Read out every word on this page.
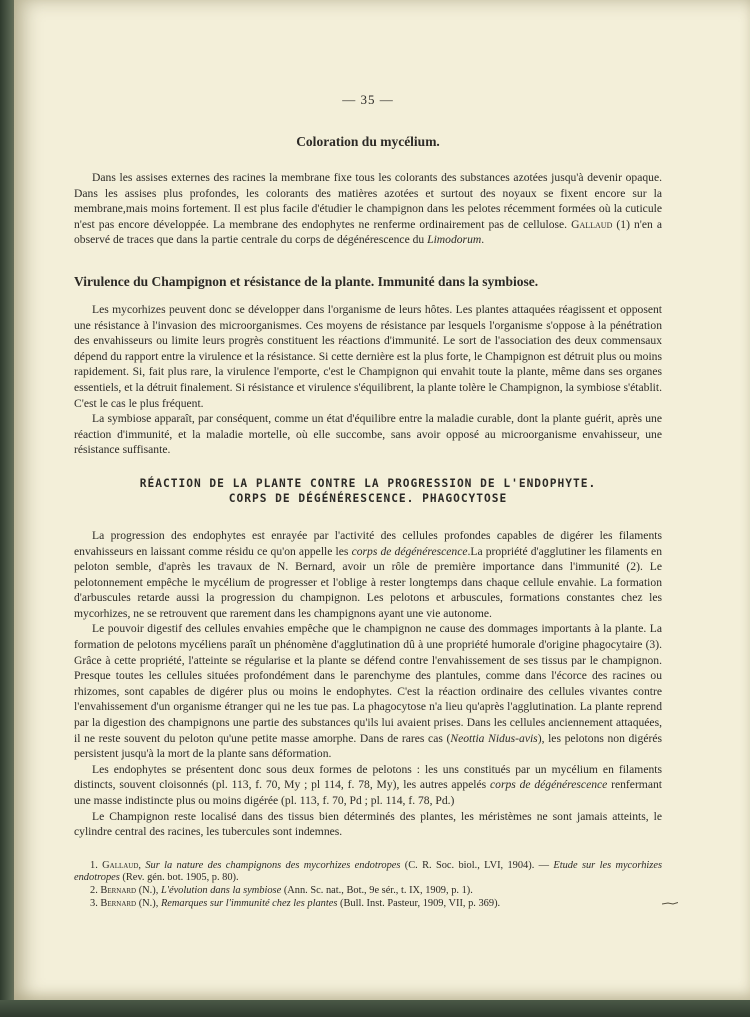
— 35 —
Coloration du mycélium.

Dans les assises externes des racines la membrane fixe tous les colorants des substances azotées jusqu'à devenir opaque. Dans les assises plus profondes, les colorants des matières azotées et surtout des noyaux se fixent encore sur la membrane,mais moins fortement. Il est plus facile d'étudier le champignon dans les pelotes récemment formées où la cuticule n'est pas encore développée. La membrane des endophytes ne renferme ordinairement pas de cellulose. Gallaud (1) n'en a observé de traces que dans la partie centrale du corps de dégénérescence du Limodorum.

Virulence du Champignon et résistance de la plante. Immunité dans la symbiose.

Les mycorhizes peuvent donc se développer dans l'organisme de leurs hôtes. Les plantes attaquées réagissent et opposent une résistance à l'invasion des microorganismes. Ces moyens de résistance par lesquels l'organisme s'oppose à la pénétration des envahisseurs ou limite leurs progrès constituent les réactions d'immunité. Le sort de l'association des deux commensaux dépend du rapport entre la virulence et la résistance. Si cette dernière est la plus forte, le Champignon est détruit plus ou moins rapidement. Si, fait plus rare, la virulence l'emporte, c'est le Champignon qui envahit toute la plante, même dans ses organes essentiels, et la détruit finalement. Si résistance et virulence s'équilibrent, la plante tolère le Champignon, la symbiose s'établit. C'est le cas le plus fréquent.

La symbiose apparaît, par conséquent, comme un état d'équilibre entre la maladie curable, dont la plante guérit, après une réaction d'immunité, et la maladie mortelle, où elle succombe, sans avoir opposé au microorganisme envahisseur, une résistance suffisante.

RÉACTION DE LA PLANTE CONTRE LA PROGRESSION DE L'ENDOPHYTE.
CORPS DE DÉGÉNÉRESCENCE. PHAGOCYTOSE

La progression des endophytes est enrayée par l'activité des cellules profondes capables de digérer les filaments envahisseurs en laissant comme résidu ce qu'on appelle les corps de dégénérescence.La propriété d'agglutiner les filaments en peloton semble, d'après les travaux de N. Bernard, avoir un rôle de première importance dans l'immunité (2). Le pelotonnement empêche le mycélium de progresser et l'oblige à rester longtemps dans chaque cellule envahie. La formation d'arbuscules retarde aussi la progression du champignon. Les pelotons et arbuscules, formations constantes chez les mycorhizes, ne se retrouvent que rarement dans les champignons ayant une vie autonome.

Le pouvoir digestif des cellules envahies empêche que le champignon ne cause des dommages importants à la plante. La formation de pelotons mycéliens paraît un phénomène d'agglutination dû à une propriété humorale d'origine phagocytaire (3). Grâce à cette propriété, l'atteinte se régularise et la plante se défend contre l'envahissement de ses tissus par le champignon. Presque toutes les cellules situées profondément dans le parenchyme des plantules, comme dans l'écorce des racines ou rhizomes, sont capables de digérer plus ou moins le endophytes. C'est la réaction ordinaire des cellules vivantes contre l'envahissement d'un organisme étranger qui ne les tue pas. La phagocytose n'a lieu qu'après l'agglutination. La plante reprend par la digestion des champignons une partie des substances qu'ils lui avaient prises. Dans les cellules anciennement attaquées, il ne reste souvent du peloton qu'une petite masse amorphe. Dans de rares cas (Neottia Nidus-avis), les pelotons non digérés persistent jusqu'à la mort de la plante sans déformation.

Les endophytes se présentent donc sous deux formes de pelotons : les uns constitués par un mycélium en filaments distincts, souvent cloisonnés (pl. 113, f. 70, My ; pl 114, f. 78, My), les autres appelés corps de dégénérescence renfermant une masse indistincte plus ou moins digérée (pl. 113, f. 70, Pd ; pl. 114, f. 78, Pd.)

Le Champignon reste localisé dans des tissus bien déterminés des plantes, les méristèmes ne sont jamais atteints, le cylindre central des racines, les tubercules sont indemnes.

1. Gallaud, Sur la nature des champignons des mycorhizes endotropes (C. R. Soc. biol., LVI, 1904). — Etude sur les mycorhizes endotropes (Rev. gén. bot. 1905, p. 80).

2. Bernard (N.), L'évolution dans la symbiose (Ann. Sc. nat., Bot., 9e sér., t. IX, 1909, p. 1).

3. Bernard (N.), Remarques sur l'immunité chez les plantes (Bull. Inst. Pasteur, 1909, VII, p. 369).
